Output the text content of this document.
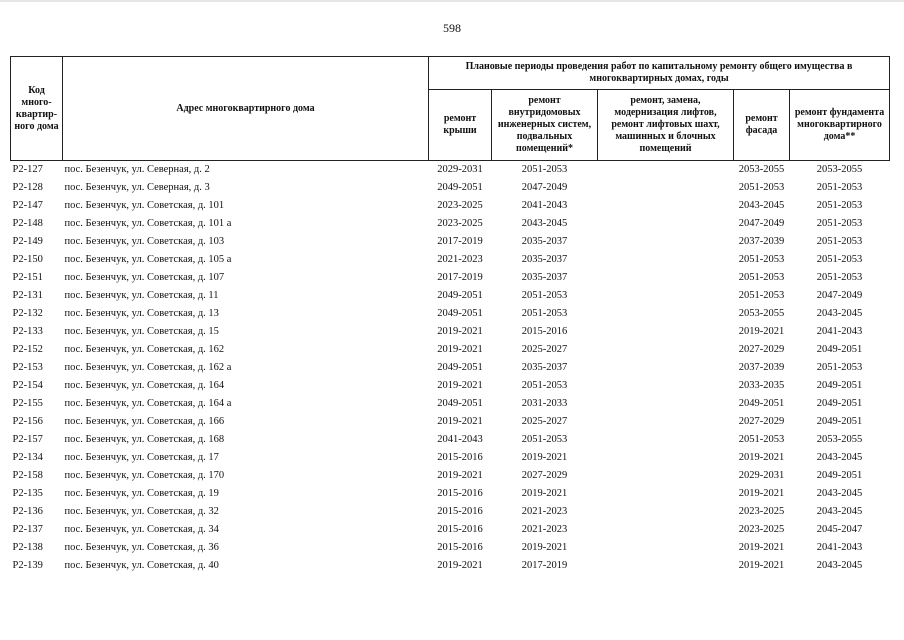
598
Код много-квартир-ного дома	Адрес многоквартирного дома	Плановые периоды проведения работ по капитальному ремонту общего имущества в многоквартирных домах, годы				
		ремонт крыши	ремонт внутридомовых инженерных систем, подвальных помещений*	ремонт, замена, модернизация лифтов, ремонт лифтовых шахт, машинных и блочных помещений	ремонт фасада	ремонт фундамента многоквартирного дома**
Р2-127	пос. Безенчук, ул. Северная, д. 2	2029-2031	2051-2053		2053-2055	2053-2055
Р2-128	пос. Безенчук, ул. Северная, д. 3	2049-2051	2047-2049		2051-2053	2051-2053
Р2-147	пос. Безенчук, ул. Советская, д. 101	2023-2025	2041-2043		2043-2045	2051-2053
Р2-148	пос. Безенчук, ул. Советская, д. 101 а	2023-2025	2043-2045		2047-2049	2051-2053
Р2-149	пос. Безенчук, ул. Советская, д. 103	2017-2019	2035-2037		2037-2039	2051-2053
Р2-150	пос. Безенчук, ул. Советская, д. 105 а	2021-2023	2035-2037		2051-2053	2051-2053
Р2-151	пос. Безенчук, ул. Советская, д. 107	2017-2019	2035-2037		2051-2053	2051-2053
Р2-131	пос. Безенчук, ул. Советская, д. 11	2049-2051	2051-2053		2051-2053	2047-2049
Р2-132	пос. Безенчук, ул. Советская, д. 13	2049-2051	2051-2053		2053-2055	2043-2045
Р2-133	пос. Безенчук, ул. Советская, д. 15	2019-2021	2015-2016		2019-2021	2041-2043
Р2-152	пос. Безенчук, ул. Советская, д. 162	2019-2021	2025-2027		2027-2029	2049-2051
Р2-153	пос. Безенчук, ул. Советская, д. 162 а	2049-2051	2035-2037		2037-2039	2051-2053
Р2-154	пос. Безенчук, ул. Советская, д. 164	2019-2021	2051-2053		2033-2035	2049-2051
Р2-155	пос. Безенчук, ул. Советская, д. 164 а	2049-2051	2031-2033		2049-2051	2049-2051
Р2-156	пос. Безенчук, ул. Советская, д. 166	2019-2021	2025-2027		2027-2029	2049-2051
Р2-157	пос. Безенчук, ул. Советская, д. 168	2041-2043	2051-2053		2051-2053	2053-2055
Р2-134	пос. Безенчук, ул. Советская, д. 17	2015-2016	2019-2021		2019-2021	2043-2045
Р2-158	пос. Безенчук, ул. Советская, д. 170	2019-2021	2027-2029		2029-2031	2049-2051
Р2-135	пос. Безенчук, ул. Советская, д. 19	2015-2016	2019-2021		2019-2021	2043-2045
Р2-136	пос. Безенчук, ул. Советская, д. 32	2015-2016	2021-2023		2023-2025	2043-2045
Р2-137	пос. Безенчук, ул. Советская, д. 34	2015-2016	2021-2023		2023-2025	2045-2047
Р2-138	пос. Безенчук, ул. Советская, д. 36	2015-2016	2019-2021		2019-2021	2041-2043
Р2-139	пос. Безенчук, ул. Советская, д. 40	2019-2021	2017-2019		2019-2021	2043-2045
